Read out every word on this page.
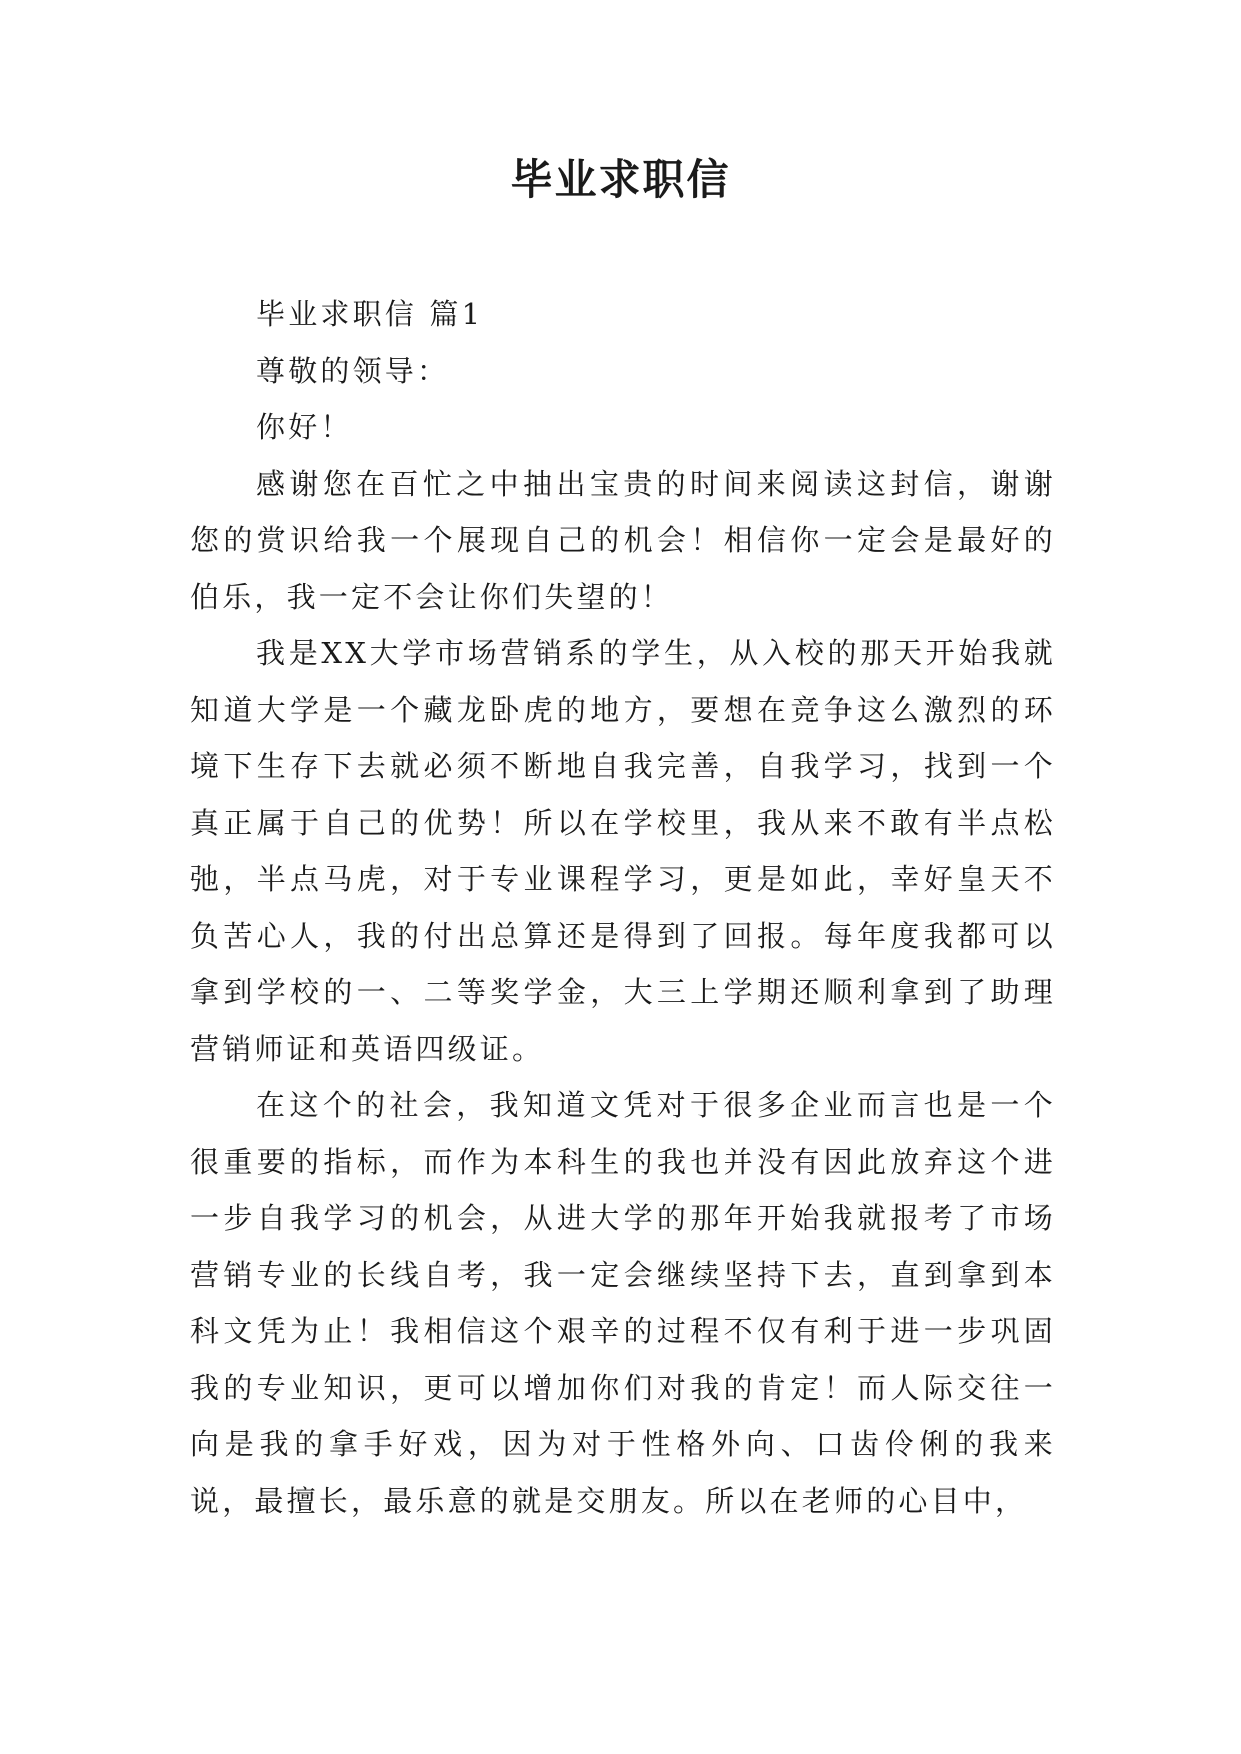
毕业求职信

毕业求职信 篇1

尊敬的领导：

你好！

感谢您在百忙之中抽出宝贵的时间来阅读这封信，谢谢您的赏识给我一个展现自己的机会！相信你一定会是最好的伯乐，我一定不会让你们失望的！

我是XX大学市场营销系的学生，从入校的那天开始我就知道大学是一个藏龙卧虎的地方，要想在竞争这么激烈的环境下生存下去就必须不断地自我完善，自我学习，找到一个真正属于自己的优势！所以在学校里，我从来不敢有半点松弛，半点马虎，对于专业课程学习，更是如此，幸好皇天不负苦心人，我的付出总算还是得到了回报。每年度我都可以拿到学校的一、二等奖学金，大三上学期还顺利拿到了助理营销师证和英语四级证。

在这个的社会，我知道文凭对于很多企业而言也是一个很重要的指标，而作为本科生的我也并没有因此放弃这个进一步自我学习的机会，从进大学的那年开始我就报考了市场营销专业的长线自考，我一定会继续坚持下去，直到拿到本科文凭为止！我相信这个艰辛的过程不仅有利于进一步巩固我的专业知识，更可以增加你们对我的肯定！而人际交往一向是我的拿手好戏，因为对于性格外向、口齿伶俐的我来说，最擅长，最乐意的就是交朋友。所以在老师的心目中，
